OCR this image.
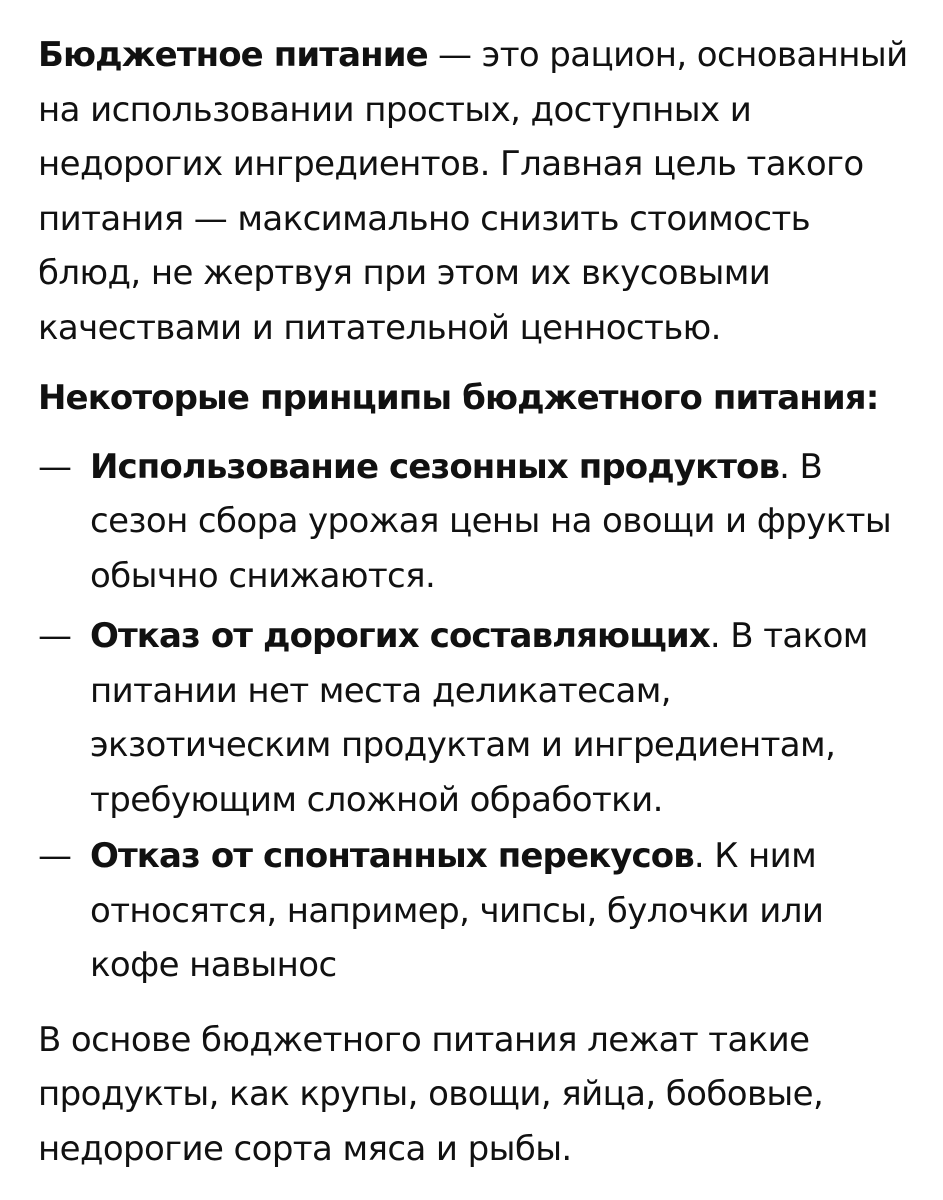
Бюджетное питание — это рацион, основанный на использовании простых, доступных и недорогих ингредиентов. Главная цель такого питания — максимально снизить стоимость блюд, не жертвуя при этом их вкусовыми качествами и питательной ценностью.

Некоторые принципы бюджетного питания:

— Использование сезонных продуктов. В сезон сбора урожая цены на овощи и фрукты обычно снижаются.
— Отказ от дорогих составляющих. В таком питании нет места деликатесам, экзотическим продуктам и ингредиентам, требующим сложной обработки.
— Отказ от спонтанных перекусов. К ним относятся, например, чипсы, булочки или кофе навынос

В основе бюджетного питания лежат такие продукты, как крупы, овощи, яйца, бобовые, недорогие сорта мяса и рыбы.
